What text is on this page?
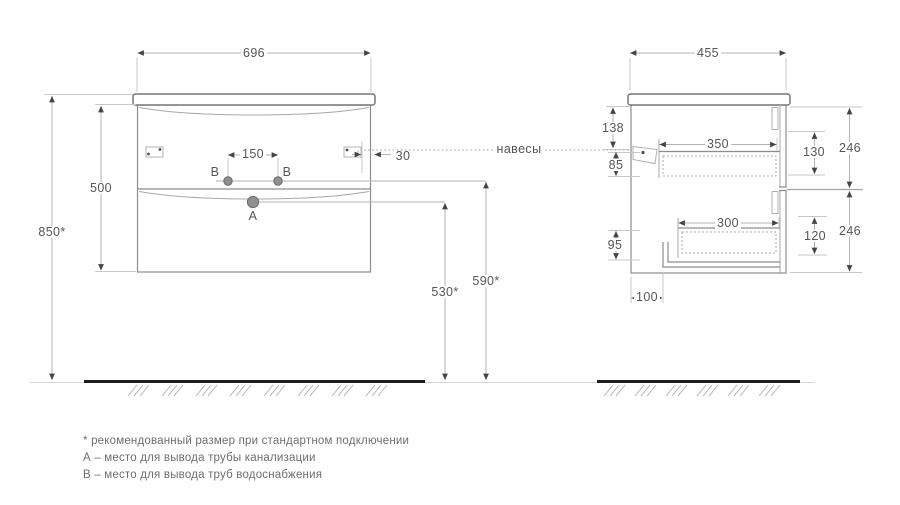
696
850*
500
150	30
B	B
A
навесы
590*
530*
455
138
85
95
100
350
130 246
300
120 246
* рекомендованный размер при стандартном подключении
А – место для вывода трубы канализации
В – место для вывода труб водоснабжения
